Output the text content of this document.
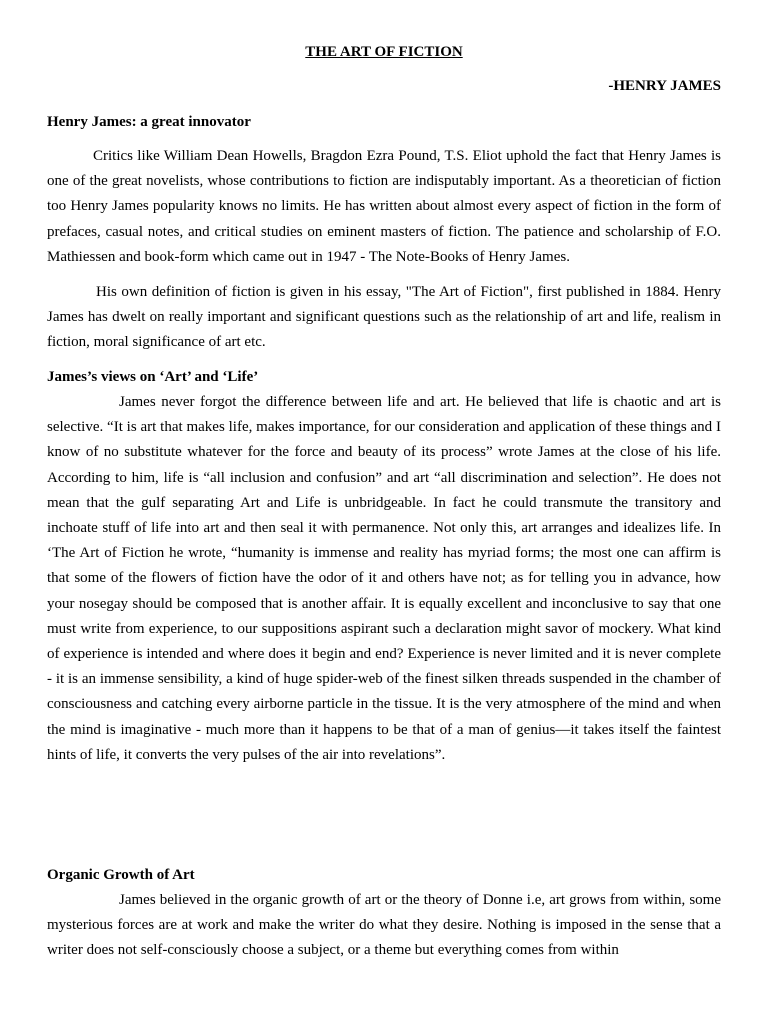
THE ART OF FICTION
-HENRY JAMES
Henry James: a great innovator

Critics like William Dean Howells, Bragdon Ezra Pound, T.S. Eliot uphold the fact that Henry James is one of the great novelists, whose contributions to fiction are indisputably important. As a theoretician of fiction too Henry James popularity knows no limits. He has written about almost every aspect of fiction in the form of prefaces, casual notes, and critical studies on eminent masters of fiction. The patience and scholarship of F.O. Mathiessen and book-form which came out in 1947 - The Note-Books of Henry James.

His own definition of fiction is given in his essay, "The Art of Fiction", first published in 1884. Henry James has dwelt on really important and significant questions such as the relationship of art and life, realism in fiction, moral significance of art etc.

James’s views on ‘Art’ and ‘Life’

James never forgot the difference between life and art. He believed that life is chaotic and art is selective. “It is art that makes life, makes importance, for our consideration and application of these things and I know of no substitute whatever for the force and beauty of its process” wrote James at the close of his life. According to him, life is “all inclusion and confusion” and art “all discrimination and selection”. He does not mean that the gulf separating Art and Life is unbridgeable. In fact he could transmute the transitory and inchoate stuff of life into art and then seal it with permanence. Not only this, art arranges and idealizes life. In ‘The Art of Fiction he wrote, “humanity is immense and reality has myriad forms; the most one can affirm is that some of the flowers of fiction have the odor of it and others have not; as for telling you in advance, how your nosegay should be composed that is another affair. It is equally excellent and inconclusive to say that one must write from experience, to our suppositions aspirant such a declaration might savor of mockery. What kind of experience is intended and where does it begin and end? Experience is never limited and it is never complete - it is an immense sensibility, a kind of huge spider-web of the finest silken threads suspended in the chamber of consciousness and catching every airborne particle in the tissue. It is the very atmosphere of the mind and when the mind is imaginative - much more than it happens to be that of a man of genius—it takes itself the faintest hints of life, it converts the very pulses of the air into revelations”.

Organic Growth of Art

James believed in the organic growth of art or the theory of Donne i.e, art grows from within, some mysterious forces are at work and make the writer do what they desire. Nothing is imposed in the sense that a writer does not self-consciously choose a subject, or a theme but everything comes from within
